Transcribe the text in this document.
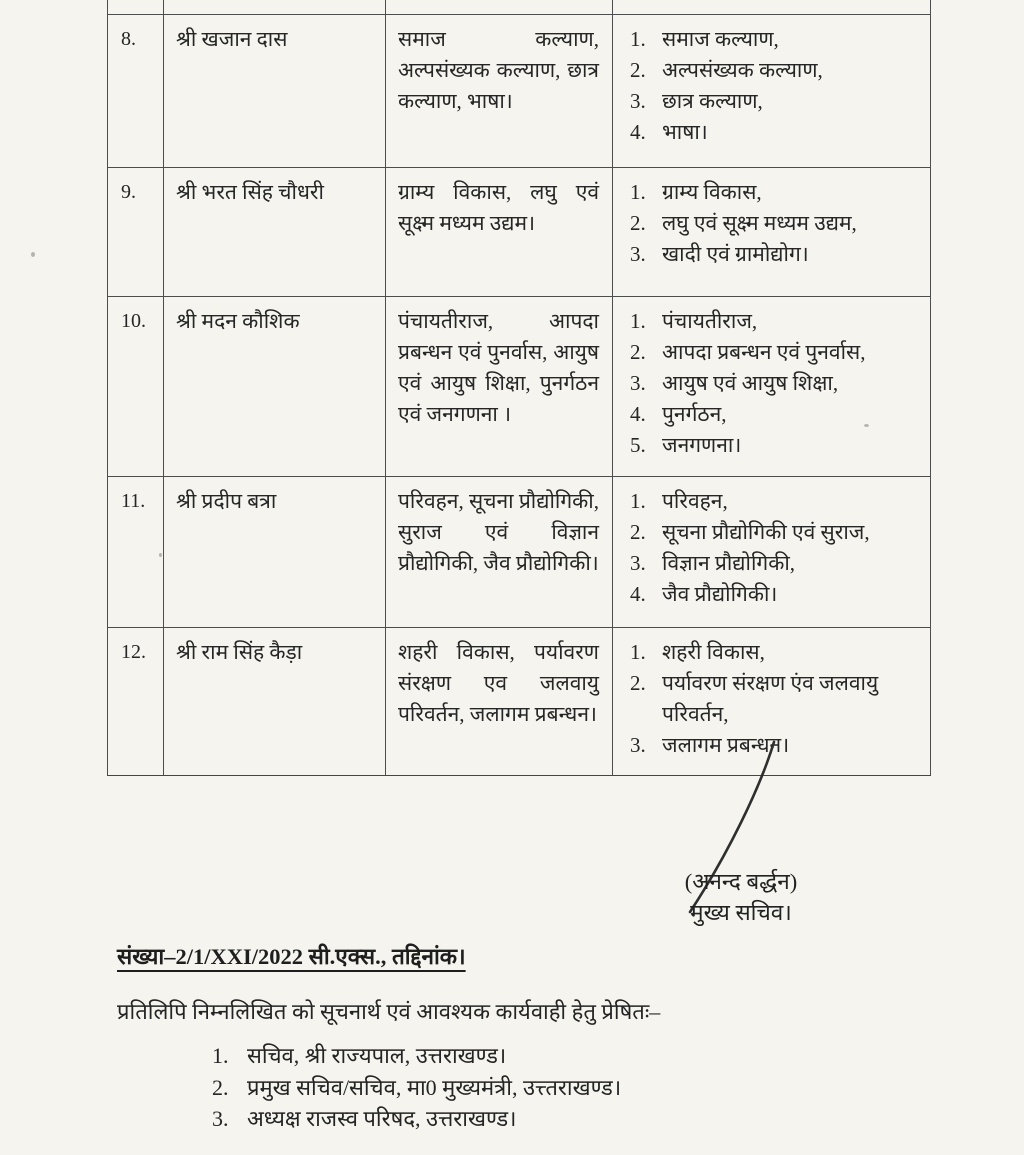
8.	श्री खजान दास	समाज कल्याण, अल्पसंख्यक कल्याण, छात्र कल्याण, भाषा।
1. समाज कल्याण,
2. अल्पसंख्यक कल्याण,
3. छात्र कल्याण,
4. भाषा।
9.	श्री भरत सिंह चौधरी	ग्राम्य विकास, लघु एवं सूक्ष्म मध्यम उद्यम।
1. ग्राम्य विकास,
2. लघु एवं सूक्ष्म मध्यम उद्यम,
3. खादी एवं ग्रामोद्योग।
10.	श्री मदन कौशिक	पंचायतीराज, आपदा प्रबन्धन एवं पुनर्वास, आयुष एवं आयुष शिक्षा, पुनर्गठन एवं जनगणना ।
1. पंचायतीराज,
2. आपदा प्रबन्धन एवं पुनर्वास,
3. आयुष एवं आयुष शिक्षा,
4. पुनर्गठन,
5. जनगणना।
11.	श्री प्रदीप बत्रा	परिवहन, सूचना प्रौद्योगिकी, सुराज एवं विज्ञान प्रौद्योगिकी, जैव प्रौद्योगिकी।
1. परिवहन,
2. सूचना प्रौद्योगिकी एवं सुराज,
3. विज्ञान प्रौद्योगिकी,
4. जैव प्रौद्योगिकी।
12.	श्री राम सिंह कैड़ा	शहरी विकास, पर्यावरण संरक्षण एव जलवायु परिवर्तन, जलागम प्रबन्धन।
1. शहरी विकास,
2. पर्यावरण संरक्षण एंव जलवायु परिवर्तन,
3. जलागम प्रबन्धन।
(अनन्द बर्द्धन)
मुख्य सचिव।
संख्या–2/1/XXI/2022 सी.एक्स., तद्दिनांक।
प्रतिलिपि निम्नलिखित को सूचनार्थ एवं आवश्यक कार्यवाही हेतु प्रेषितः–
1. सचिव, श्री राज्यपाल, उत्तराखण्ड।
2. प्रमुख सचिव/सचिव, मा0 मुख्यमंत्री, उत्त्तराखण्ड।
3. अध्यक्ष राजस्व परिषद, उत्तराखण्ड।
